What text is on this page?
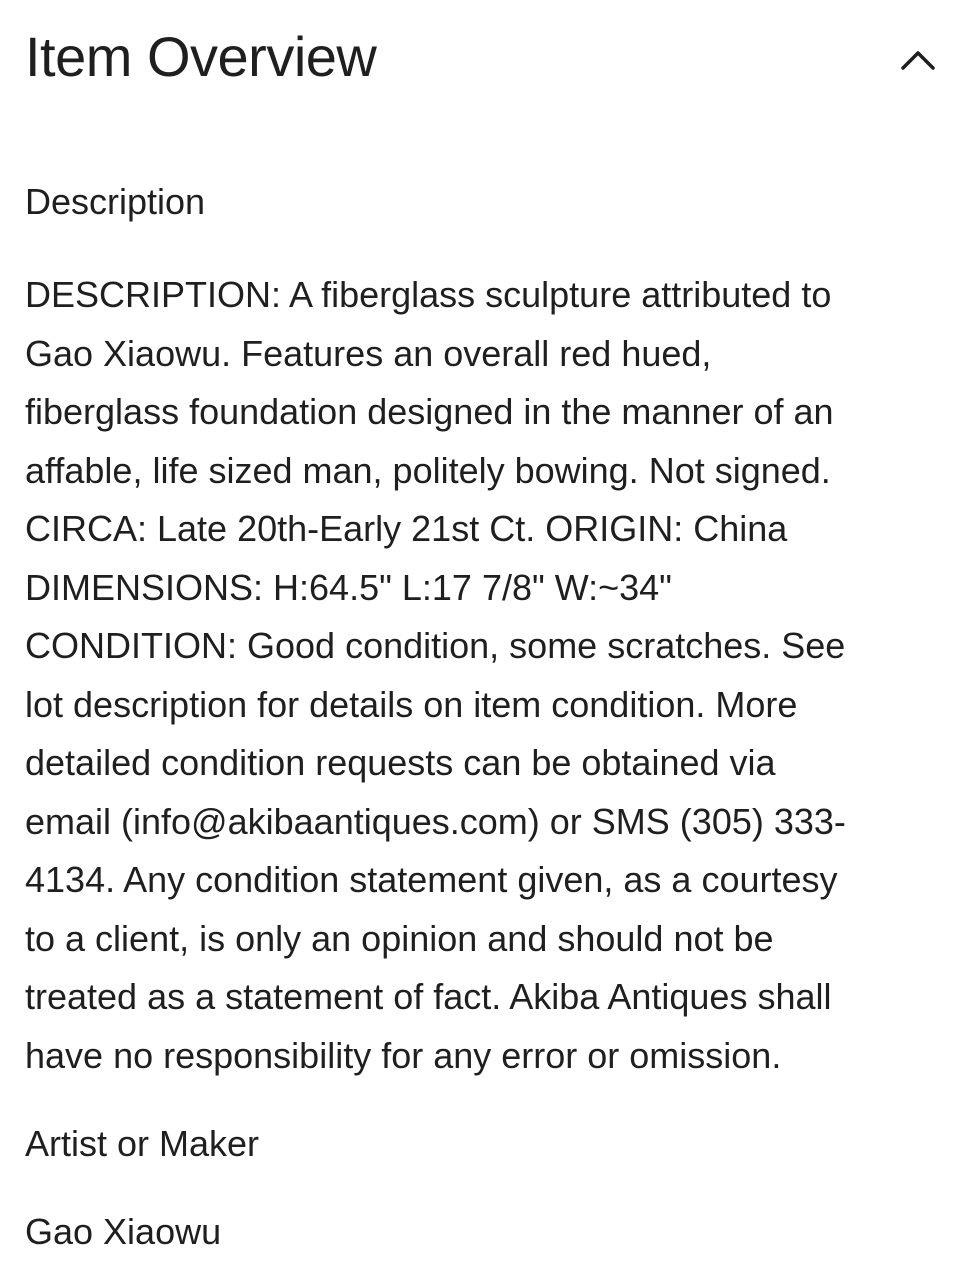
Item Overview
Description
DESCRIPTION: A fiberglass sculpture attributed to
Gao Xiaowu. Features an overall red hued,
fiberglass foundation designed in the manner of an
affable, life sized man, politely bowing. Not signed.
CIRCA: Late 20th-Early 21st Ct. ORIGIN: China
DIMENSIONS: H:64.5" L:17 7/8" W:~34"
CONDITION: Good condition, some scratches. See
lot description for details on item condition. More
detailed condition requests can be obtained via
email (info@akibaantiques.com) or SMS (305) 333-
4134. Any condition statement given, as a courtesy
to a client, is only an opinion and should not be
treated as a statement of fact. Akiba Antiques shall
have no responsibility for any error or omission.
Artist or Maker
Gao Xiaowu
